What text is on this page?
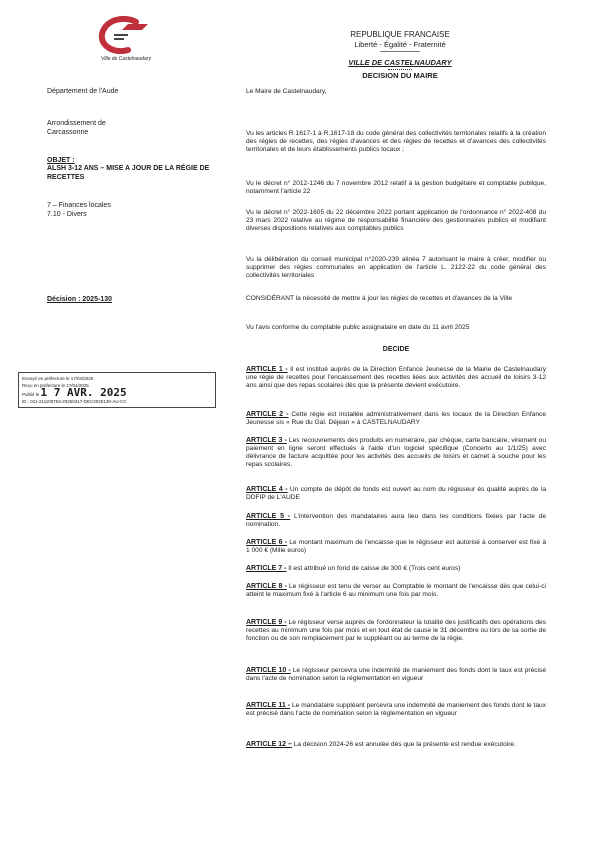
Ville de Castelnaudary
REPUBLIQUE FRANCAISE
Liberté - Égalité - Fraternité
VILLE DE CASTELNAUDARY
DECISION DU MAIRE
Département de l'Aude
Arrondissement de Carcassonne
OBJET :
ALSH 3-12 ANS – MISE A JOUR DE LA RÉGIE DE RECETTES
7 – Finances locales
7.10 - Divers
Décision : 2025-130
Envoyé en préfecture le 17/04/2025
Reçu en préfecture le 17/04/2025
Publié le 1 7 AVR. 2025
ID : 011-211100763-20250417-DEC2025130-AU-CC
Le Maire de Castelnaudary,
Vu les articles R.1617-1 à R.1617-18 du code général des collectivités territoriales relatifs à la création des régies de recettes, des régies d'avances et des régies de recettes et d'avances des collectivités territoriales et de leurs établissements publics locaux ;
Vu le décret n° 2012-1246 du 7 novembre 2012 relatif à la gestion budgétaire et comptable publique, notamment l'article 22
Vu le décret n° 2022-1605 du 22 décembre 2022 portant application de l'ordonnance n° 2022-408 du 23 mars 2022 relative au régime de responsabilité financière des gestionnaires publics et modifiant diverses dispositions relatives aux comptables publics
Vu la délibération du conseil municipal n°2020-239 alinéa 7 autorisant le maire à créer, modifier ou supprimer des régies communales en application de l'article L. 2122-22 du code général des collectivités territoriales
CONSIDÉRANT la nécessité de mettre à jour les régies de recettes et d'avances de la Ville
Vu l'avis conforme du comptable public assignataire en date du 11 avril 2025
DECIDE
ARTICLE 1 - Il est institué auprès de la Direction Enfance Jeunesse de la Mairie de Castelnaudary une régie de recettes pour l'encaissement des recettes liées aux activités des accueil de loisirs 3-12 ans ainsi que des repas scolaires dès que la présente devient exécutoire.
ARTICLE 2 - Cette régie est installée administrativement dans les locaux de la Direction Enfance Jeunesse sis « Rue du Gal. Déjean » à CASTELNAUDARY
ARTICLE 3 - Les recouvrements des produits en numéraire, par chèque, carte bancaire, virement ou paiement en ligne seront effectués à l'aide d'un logiciel spécifique (Concerto au 1/1/25) avec délivrance de facture acquittée pour les activités des accueils de loisirs et carnet à souche pour les repas scolaires.
ARTICLE 4 - Un compte de dépôt de fonds est ouvert au nom du régisseur ès qualité auprès de la DDFIP de L'AUDE
ARTICLE 5 - L'intervention des mandataires aura lieu dans les conditions fixées par l'acte de nomination.
ARTICLE 6 - Le montant maximum de l'encaisse que le régisseur est autorisé à conserver est fixé à 1 000 € (Mille euros)
ARTICLE 7 - Il est attribué un fond de caisse de 300 € (Trois cent euros)
ARTICLE 8 - Le régisseur est tenu de verser au Comptable le montant de l'encaisse dès que celui-ci atteint le maximum fixé à l'article 6 au minimum une fois par mois.
ARTICLE 9 - Le régisseur verse auprès de l'ordonnateur la totalité des justificatifs des opérations des recettes au minimum une fois par mois et en tout état de cause le 31 décembre ou lors de sa sortie de fonction ou de son remplacement par le suppléant ou au terme de la régie.
ARTICLE 10 - Le régisseur percevra une indemnité de maniement des fonds dont le taux est précisé dans l'acte de nomination selon la réglementation en vigueur
ARTICLE 11 - Le mandataire suppléant percevra une indemnité de maniement des fonds dont le taux est précisé dans l'acte de nomination selon la réglementation en vigueur
ARTICLE 12 – La décision 2024-26 est annulée dès que la présente est rendue exécutoire.
